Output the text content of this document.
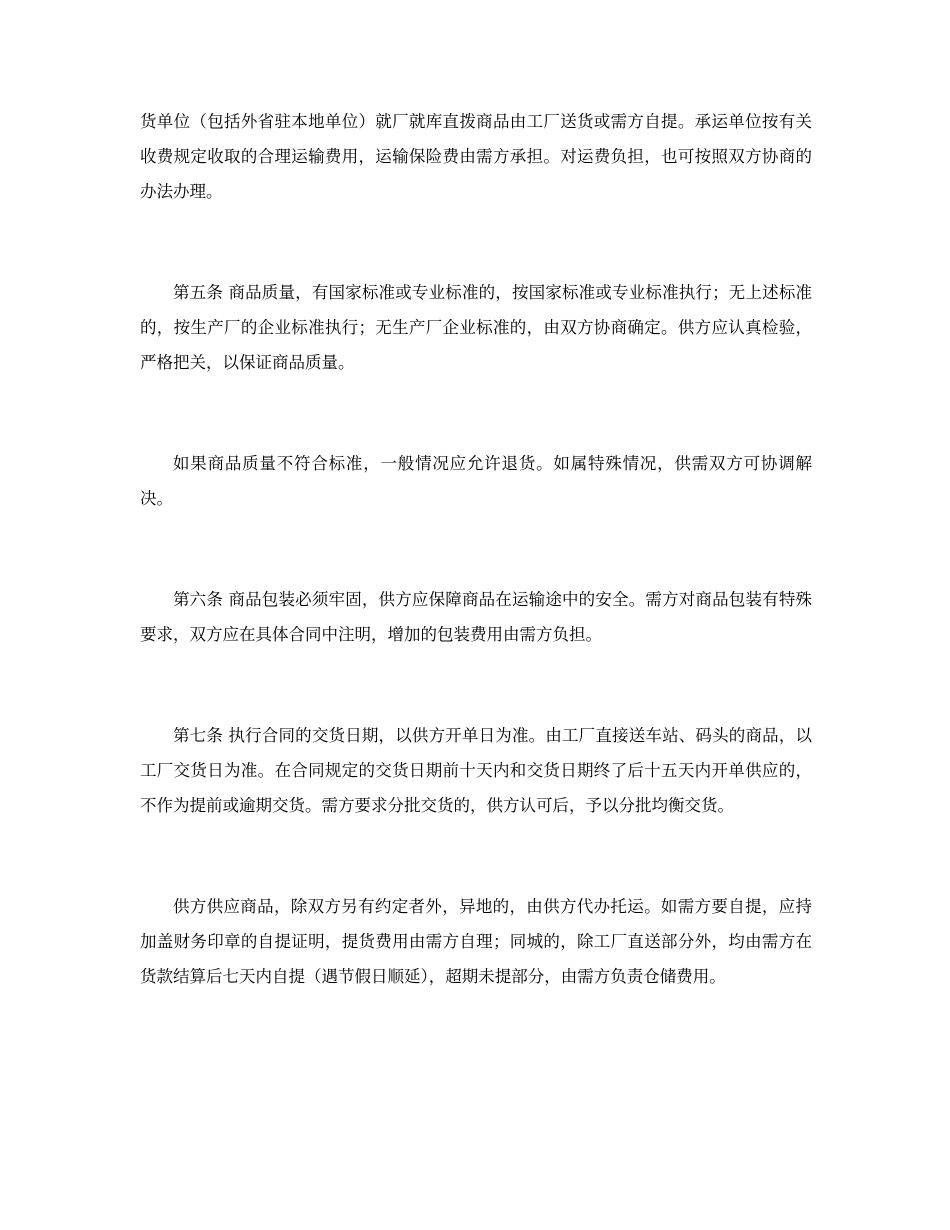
货单位（包括外省驻本地单位）就厂就库直拨商品由工厂送货或需方自提。承运单位按有关收费规定收取的合理运输费用，运输保险费由需方承担。对运费负担，也可按照双方协商的办法办理。

第五条 商品质量，有国家标准或专业标准的，按国家标准或专业标准执行；无上述标准的，按生产厂的企业标准执行；无生产厂企业标准的，由双方协商确定。供方应认真检验，严格把关，以保证商品质量。

如果商品质量不符合标准，一般情况应允许退货。如属特殊情况，供需双方可协调解决。

第六条 商品包装必须牢固，供方应保障商品在运输途中的安全。需方对商品包装有特殊要求，双方应在具体合同中注明，增加的包装费用由需方负担。

第七条 执行合同的交货日期，以供方开单日为准。由工厂直接送车站、码头的商品，以工厂交货日为准。在合同规定的交货日期前十天内和交货日期终了后十五天内开单供应的，不作为提前或逾期交货。需方要求分批交货的，供方认可后，予以分批均衡交货。

供方供应商品，除双方另有约定者外，异地的，由供方代办托运。如需方要自提，应持加盖财务印章的自提证明，提货费用由需方自理；同城的，除工厂直送部分外，均由需方在货款结算后七天内自提（遇节假日顺延），超期未提部分，由需方负责仓储费用。
